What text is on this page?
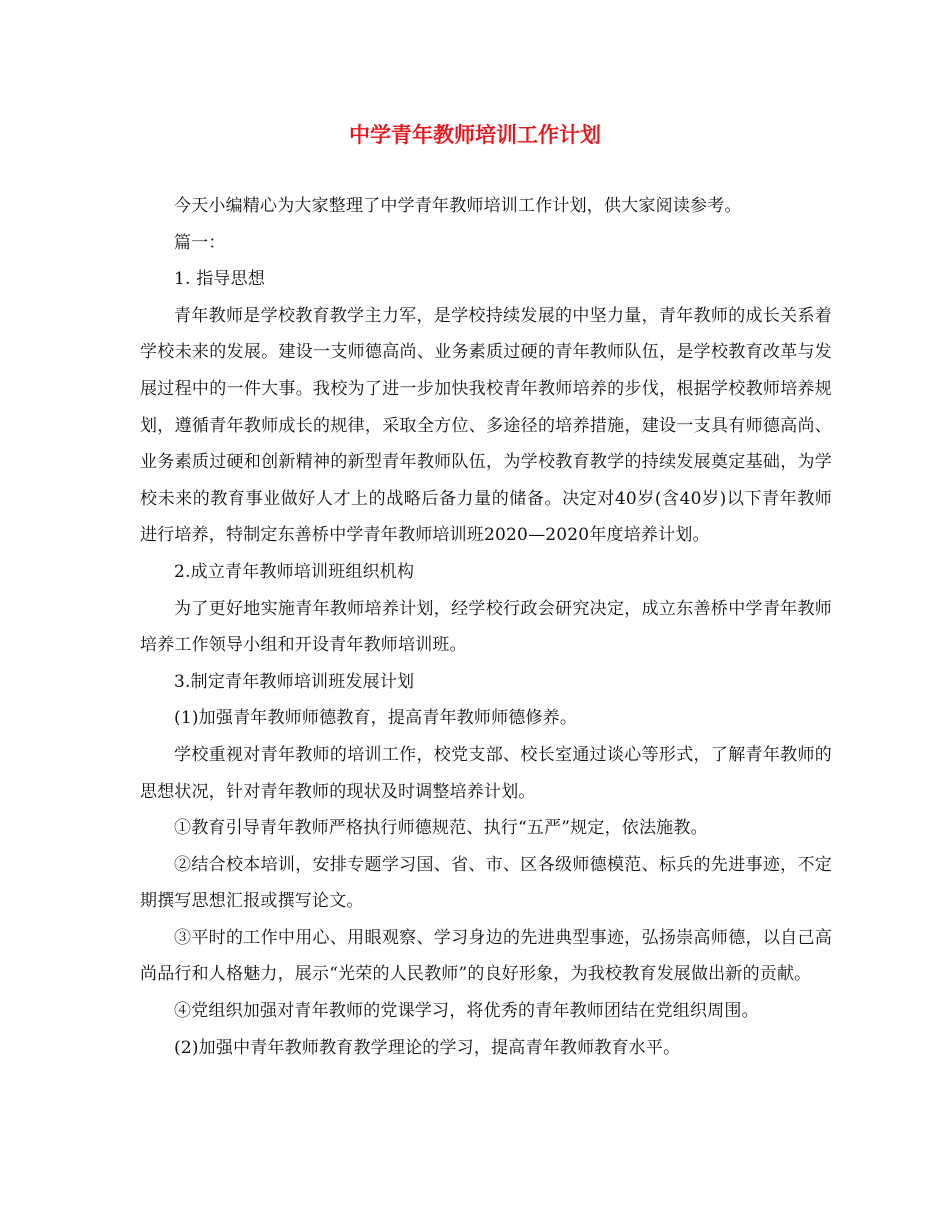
中学青年教师培训工作计划

今天小编精心为大家整理了中学青年教师培训工作计划，供大家阅读参考。

篇一：

1. 指导思想

青年教师是学校教育教学主力军，是学校持续发展的中坚力量，青年教师的成长关系着学校未来的发展。建设一支师德高尚、业务素质过硬的青年教师队伍，是学校教育改革与发展过程中的一件大事。我校为了进一步加快我校青年教师培养的步伐，根据学校教师培养规划，遵循青年教师成长的规律，采取全方位、多途径的培养措施，建设一支具有师德高尚、业务素质过硬和创新精神的新型青年教师队伍，为学校教育教学的持续发展奠定基础，为学校未来的教育事业做好人才上的战略后备力量的储备。决定对40岁(含40岁)以下青年教师进行培养，特制定东善桥中学青年教师培训班2020—2020年度培养计划。

2.成立青年教师培训班组织机构

为了更好地实施青年教师培养计划，经学校行政会研究决定，成立东善桥中学青年教师培养工作领导小组和开设青年教师培训班。

3.制定青年教师培训班发展计划

(1)加强青年教师师德教育，提高青年教师师德修养。

学校重视对青年教师的培训工作，校党支部、校长室通过谈心等形式，了解青年教师的思想状况，针对青年教师的现状及时调整培养计划。

①教育引导青年教师严格执行师德规范、执行“五严”规定，依法施教。

②结合校本培训，安排专题学习国、省、市、区各级师德模范、标兵的先进事迹，不定期撰写思想汇报或撰写论文。

③平时的工作中用心、用眼观察、学习身边的先进典型事迹，弘扬崇高师德，以自己高尚品行和人格魅力，展示“光荣的人民教师”的良好形象，为我校教育发展做出新的贡献。

④党组织加强对青年教师的党课学习，将优秀的青年教师团结在党组织周围。

(2)加强中青年教师教育教学理论的学习，提高青年教师教育水平。
